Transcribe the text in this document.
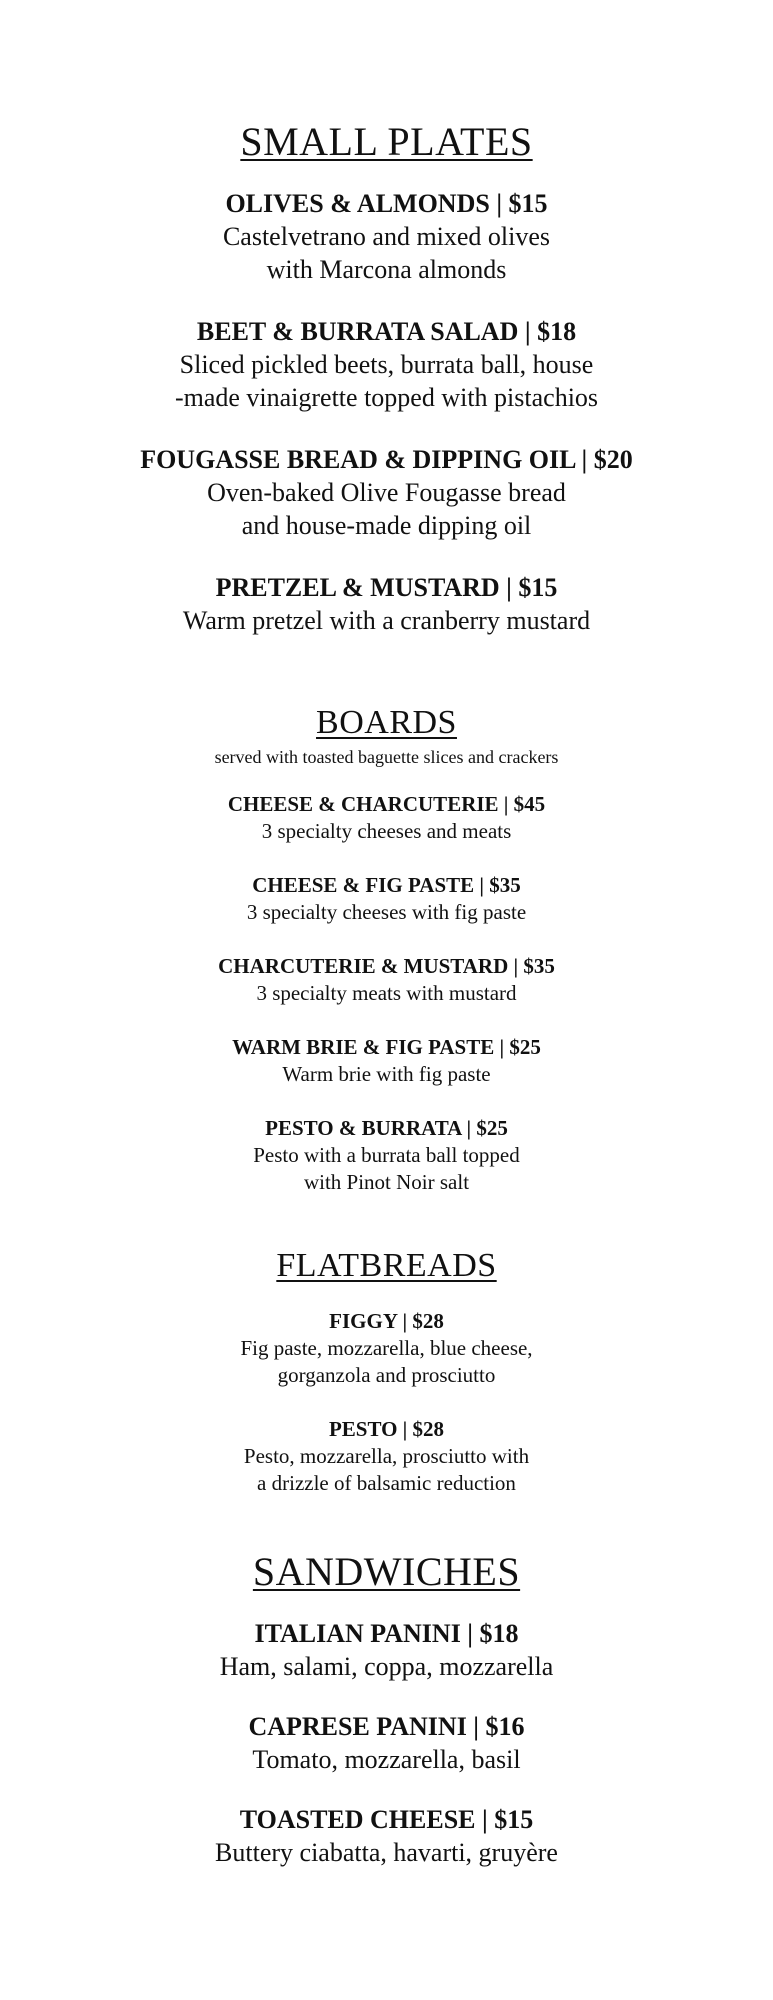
SMALL PLATES

OLIVES & ALMONDS | $15

Castelvetrano and mixed olives
with Marcona almonds

BEET & BURRATA SALAD | $18

Sliced pickled beets, burrata ball, house
-made vinaigrette topped with pistachios

FOUGASSE BREAD & DIPPING OIL | $20

Oven-baked Olive Fougasse bread
and house-made dipping oil

PRETZEL & MUSTARD | $15

Warm pretzel with a cranberry mustard

BOARDS

served with toasted baguette slices and crackers

CHEESE & CHARCUTERIE | $45

3 specialty cheeses and meats

CHEESE & FIG PASTE | $35

3 specialty cheeses with fig paste

CHARCUTERIE & MUSTARD | $35

3 specialty meats with mustard

WARM BRIE & FIG PASTE | $25

Warm brie with fig paste

PESTO & BURRATA | $25

Pesto with a burrata ball topped
with Pinot Noir salt

FLATBREADS

FIGGY | $28

Fig paste, mozzarella, blue cheese,
gorganzola and prosciutto

PESTO | $28

Pesto, mozzarella, prosciutto with
a drizzle of balsamic reduction

SANDWICHES

ITALIAN PANINI | $18

Ham, salami, coppa, mozzarella

CAPRESE PANINI | $16

Tomato, mozzarella, basil

TOASTED CHEESE | $15

Buttery ciabatta, havarti, gruyère
